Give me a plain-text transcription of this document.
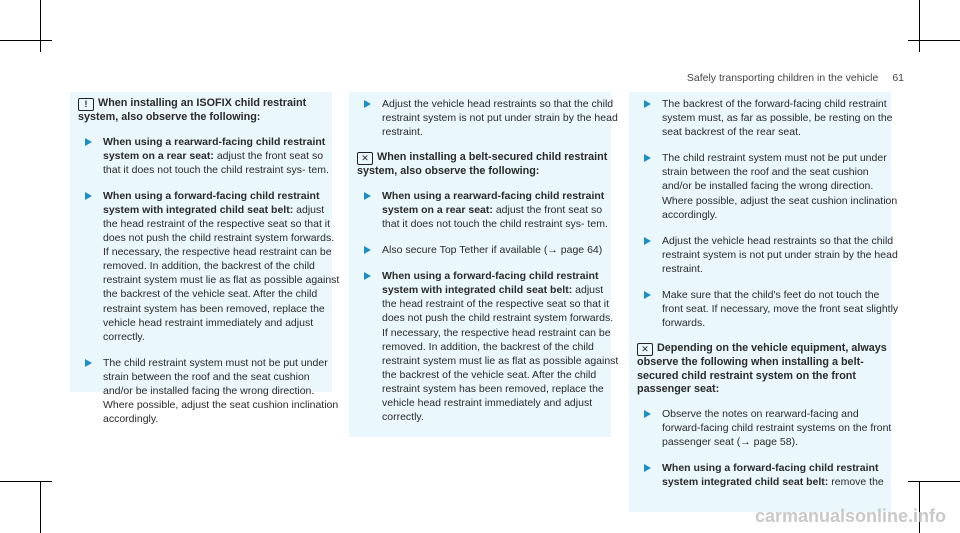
Safely transporting children in the vehicle 61
! When installing an ISOFIX child restraint system, also observe the following:
When using a rearward-facing child restraint system on a rear seat: adjust the front seat so that it does not touch the child restraint sys- tem.
When using a forward-facing child restraint system with integrated child seat belt: adjust the head restraint of the respective seat so that it does not push the child restraint system forwards. If necessary, the respective head restraint can be removed. In addition, the backrest of the child restraint system must lie as flat as possible against the backrest of the vehicle seat. After the child restraint system has been removed, replace the vehicle head restraint immediately and adjust correctly.
The child restraint system must not be put under strain between the roof and the seat cushion and/or be installed facing the wrong direction. Where possible, adjust the seat cushion inclination accordingly.
Adjust the vehicle head restraints so that the child restraint system is not put under strain by the head restraint.
✕ When installing a belt-secured child restraint system, also observe the following:
When using a rearward-facing child restraint system on a rear seat: adjust the front seat so that it does not touch the child restraint sys- tem.
Also secure Top Tether if available (→ page 64)
When using a forward-facing child restraint system with integrated child seat belt: adjust the head restraint of the respective seat so that it does not push the child restraint system forwards. If necessary, the respective head restraint can be removed. In addition, the backrest of the child restraint system must lie as flat as possible against the backrest of the vehicle seat. After the child restraint system has been removed, replace the vehicle head restraint immediately and adjust correctly.
The backrest of the forward-facing child restraint system must, as far as possible, be resting on the seat backrest of the rear seat.
The child restraint system must not be put under strain between the roof and the seat cushion and/or be installed facing the wrong direction. Where possible, adjust the seat cushion inclination accordingly.
Adjust the vehicle head restraints so that the child restraint system is not put under strain by the head restraint.
Make sure that the child's feet do not touch the front seat. If necessary, move the front seat slightly forwards.
✕ Depending on the vehicle equipment, always observe the following when installing a belt-secured child restraint system on the front passenger seat:
Observe the notes on rearward-facing and forward-facing child restraint systems on the front passenger seat (→ page 58).
When using a forward-facing child restraint system integrated child seat belt: remove the
carmanualsonline.info
